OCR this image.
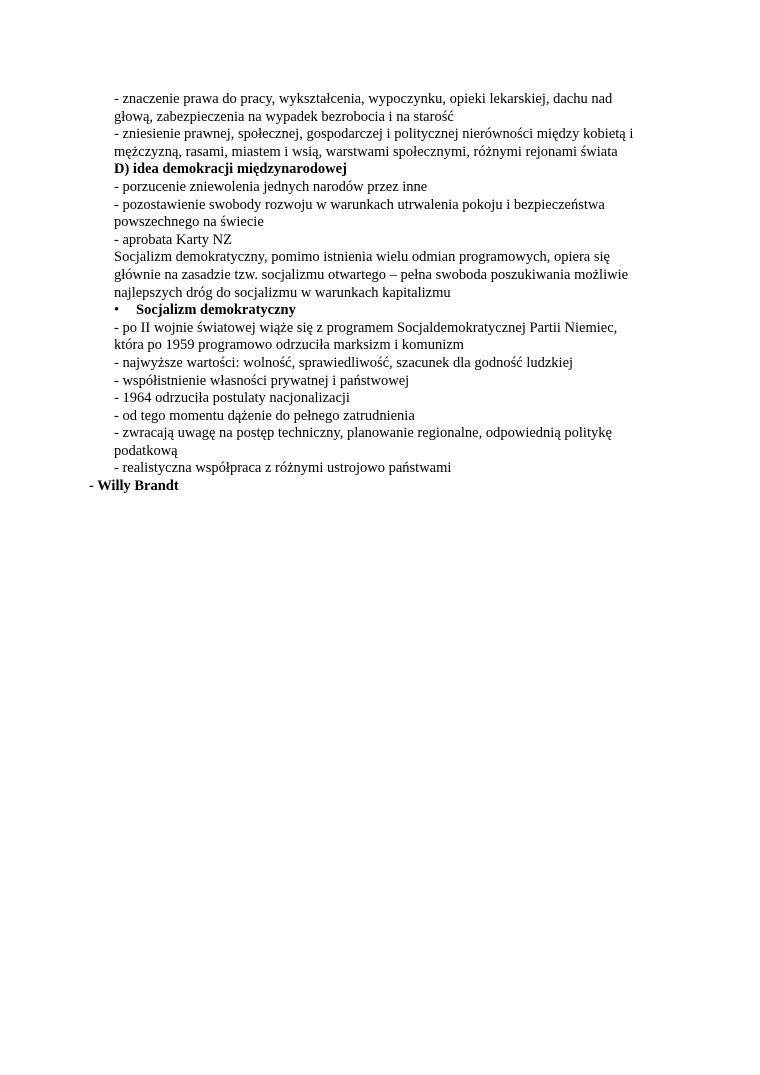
- znaczenie prawa do pracy, wykształcenia, wypoczynku, opieki lekarskiej, dachu nad
głową, zabezpieczenia na wypadek bezrobocia i na starość
- zniesienie prawnej, społecznej, gospodarczej i politycznej nierówności między kobietą i
mężczyzną, rasami, miastem i wsią, warstwami społecznymi, różnymi rejonami świata
D) idea demokracji międzynarodowej
- porzucenie zniewolenia jednych narodów przez inne
- pozostawienie swobody rozwoju w warunkach utrwalenia pokoju i bezpieczeństwa
powszechnego na świecie
- aprobata Karty NZ
Socjalizm demokratyczny, pomimo istnienia wielu odmian programowych, opiera się
głównie na zasadzie tzw. socjalizmu otwartego – pełna swoboda poszukiwania możliwie
najlepszych dróg do socjalizmu w warunkach kapitalizmu
•	Socjalizm demokratyczny
- po II wojnie światowej wiąże się z programem Socjaldemokratycznej Partii Niemiec,
która po 1959 programowo odrzuciła marksizm i komunizm
- najwyższe wartości: wolność, sprawiedliwość, szacunek dla godność ludzkiej
- współistnienie własności prywatnej i państwowej
- 1964 odrzuciła postulaty nacjonalizacji
- od tego momentu dążenie do pełnego zatrudnienia
- zwracają uwagę na postęp techniczny, planowanie regionalne, odpowiednią politykę
podatkową
- realistyczna współpraca z różnymi ustrojowo państwami
- Willy Brandt
